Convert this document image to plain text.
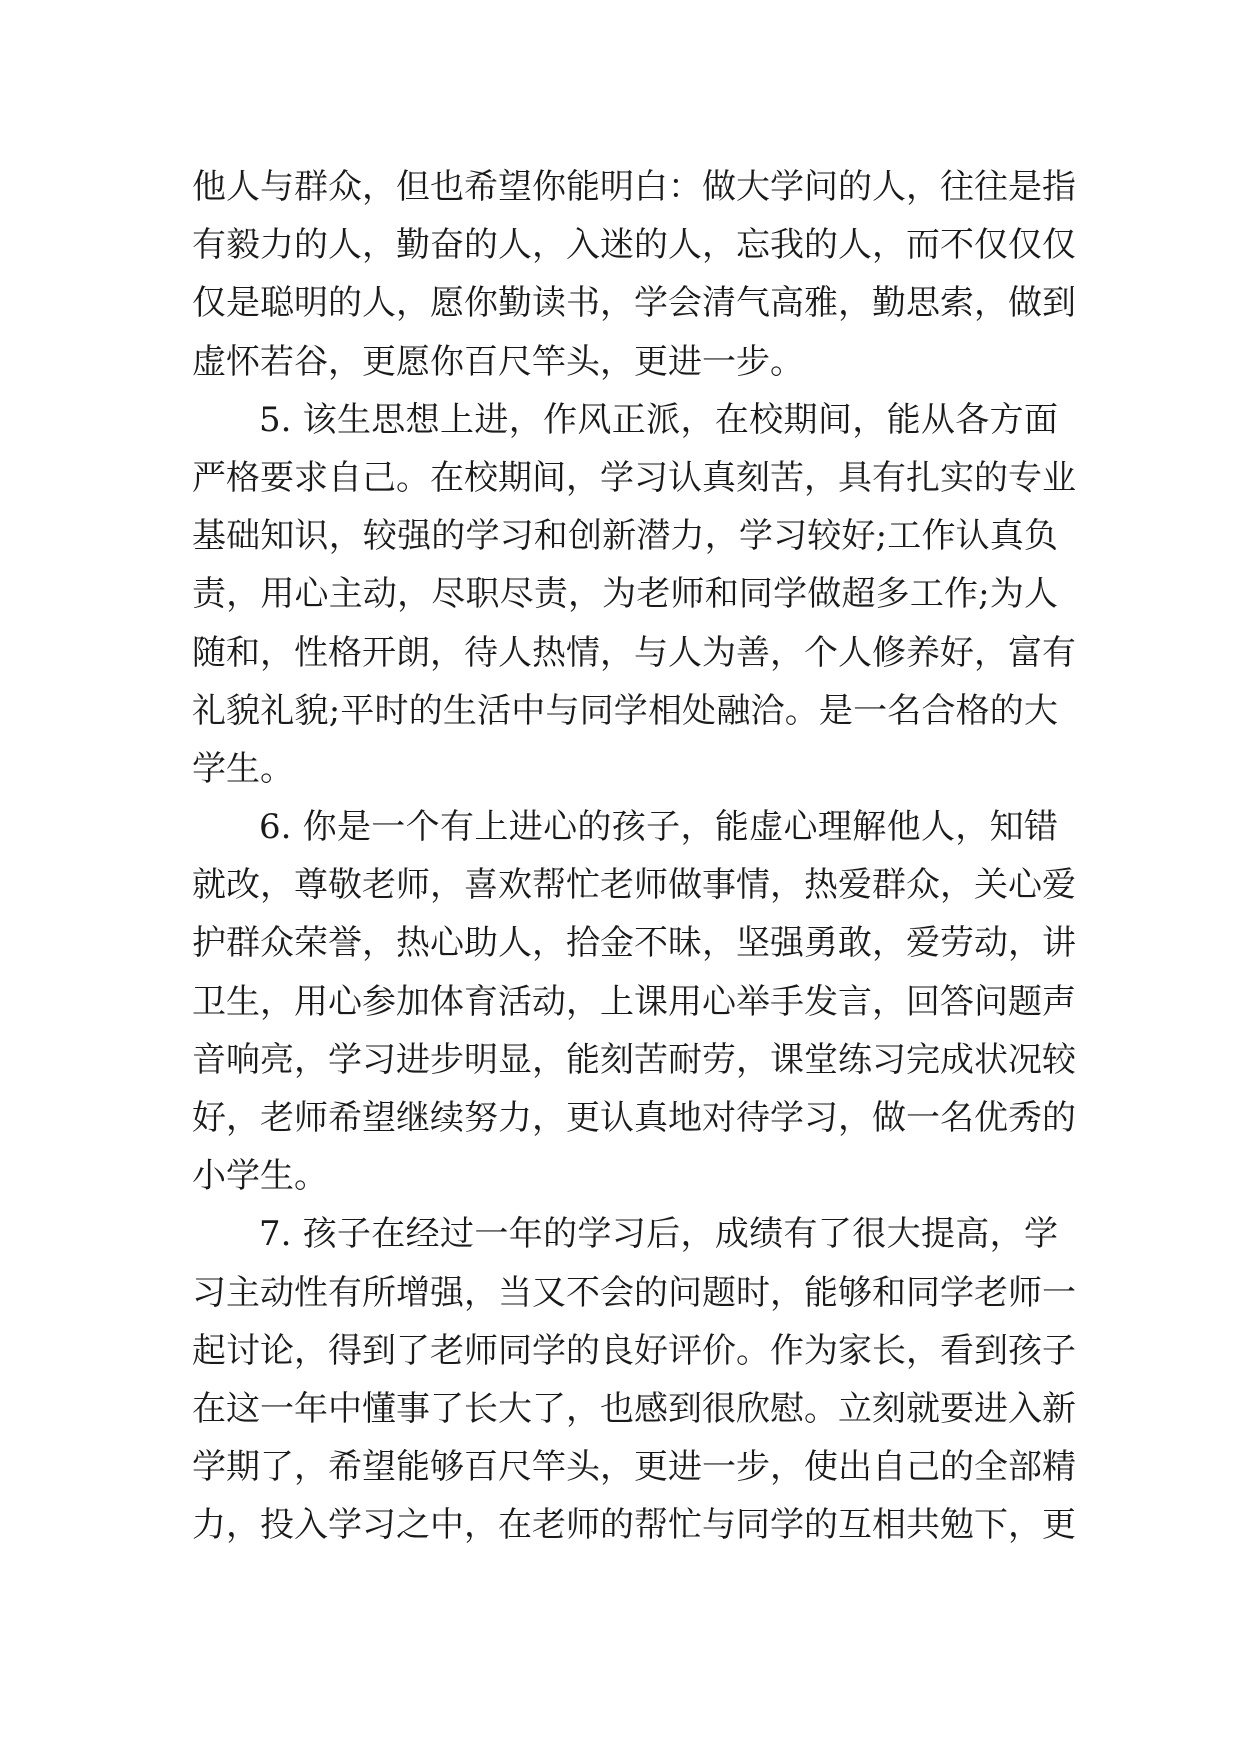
他人与群众，但也希望你能明白：做大学问的人，往往是指
有毅力的人，勤奋的人，入迷的人，忘我的人，而不仅仅仅
仅是聪明的人，愿你勤读书，学会清气高雅，勤思索，做到
虚怀若谷，更愿你百尺竿头，更进一步。
5. 该生思想上进，作风正派，在校期间，能从各方面
严格要求自己。在校期间，学习认真刻苦，具有扎实的专业
基础知识，较强的学习和创新潜力，学习较好;工作认真负
责，用心主动，尽职尽责，为老师和同学做超多工作;为人
随和，性格开朗，待人热情，与人为善，个人修养好，富有
礼貌礼貌;平时的生活中与同学相处融洽。是一名合格的大
学生。
6. 你是一个有上进心的孩子，能虚心理解他人，知错
就改，尊敬老师，喜欢帮忙老师做事情，热爱群众，关心爱
护群众荣誉，热心助人，拾金不昧，坚强勇敢，爱劳动，讲
卫生，用心参加体育活动，上课用心举手发言，回答问题声
音响亮，学习进步明显，能刻苦耐劳，课堂练习完成状况较
好，老师希望继续努力，更认真地对待学习，做一名优秀的
小学生。
7. 孩子在经过一年的学习后，成绩有了很大提高，学
习主动性有所增强，当又不会的问题时，能够和同学老师一
起讨论，得到了老师同学的良好评价。作为家长，看到孩子
在这一年中懂事了长大了，也感到很欣慰。立刻就要进入新
学期了，希望能够百尺竿头，更进一步，使出自己的全部精
力，投入学习之中，在老师的帮忙与同学的互相共勉下，更
